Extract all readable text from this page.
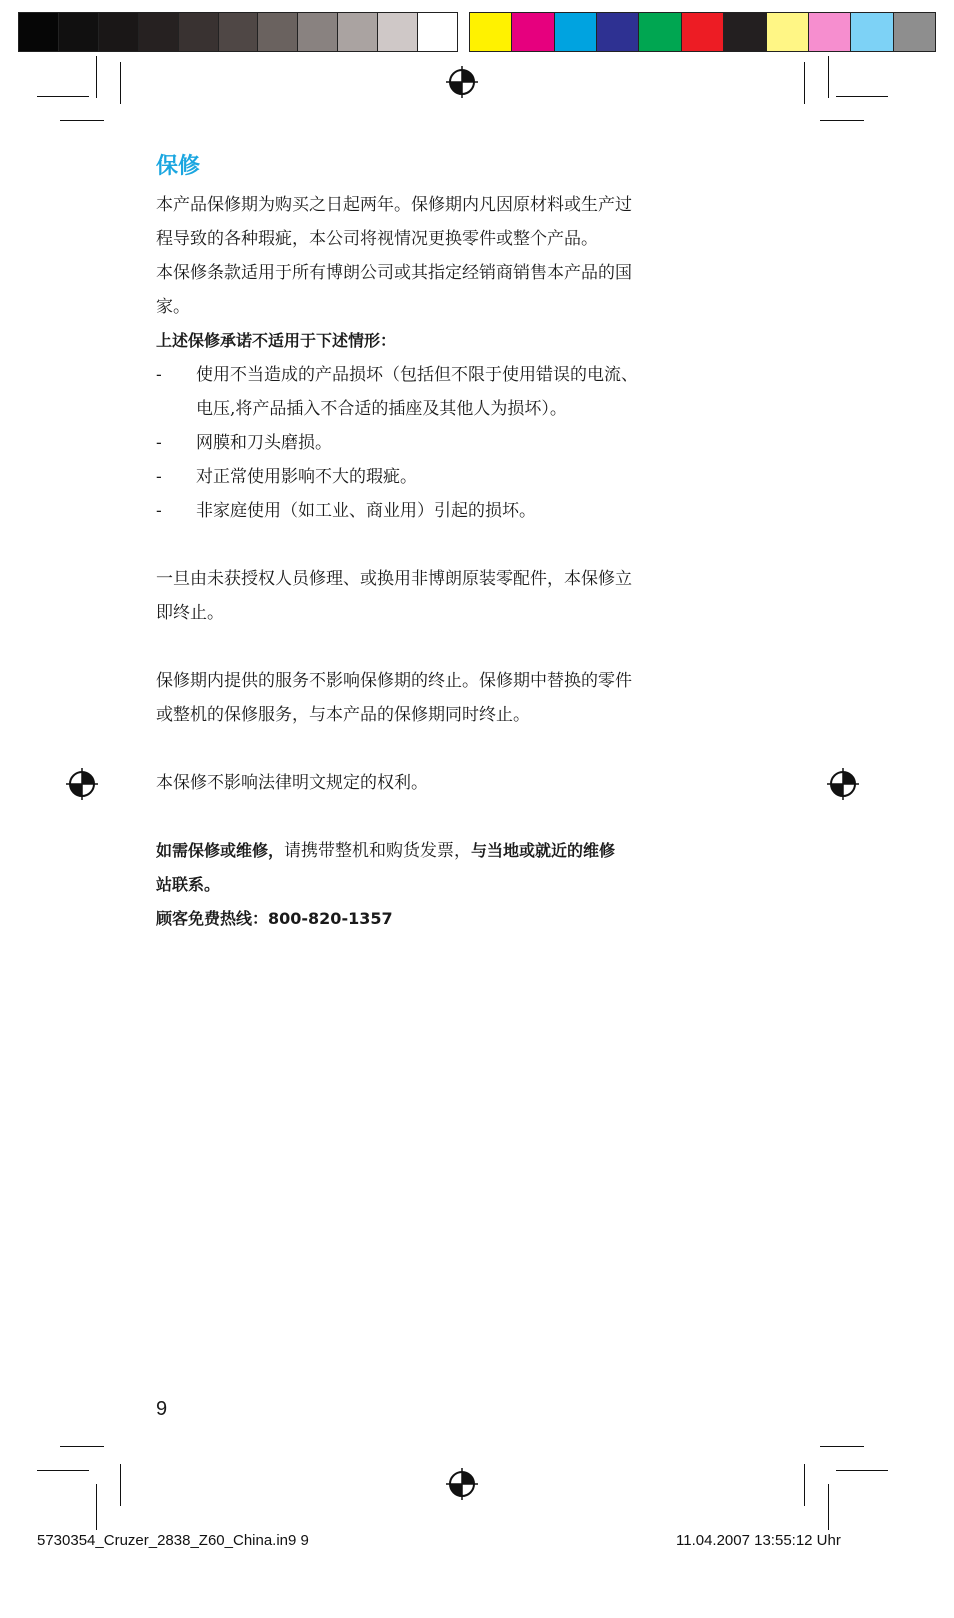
保修

本产品保修期为购买之日起两年。保修期内凡因原材料或生产过
程导致的各种瑕疵，本公司将视情况更换零件或整个产品。

本保修条款适用于所有博朗公司或其指定经销商销售本产品的国
家。

上述保修承诺不适用于下述情形：

-	使用不当造成的产品损坏（包括但不限于使用错误的电流、
电压,将产品插入不合适的插座及其他人为损坏）。
-	网膜和刀头磨损。
-	对正常使用影响不大的瑕疵。
-	非家庭使用（如工业、商业用）引起的损坏。

一旦由未获授权人员修理、或换用非博朗原装零配件，本保修立
即终止。

保修期内提供的服务不影响保修期的终止。保修期中替换的零件
或整机的保修服务，与本产品的保修期同时终止。

本保修不影响法律明文规定的权利。

如需保修或维修，请携带整机和购货发票，与当地或就近的维修
站联系。

顾客免费热线：800-820-1357

9
5730354_Cruzer_2838_Z60_China.in9 9	11.04.2007 13:55:12 Uhr
